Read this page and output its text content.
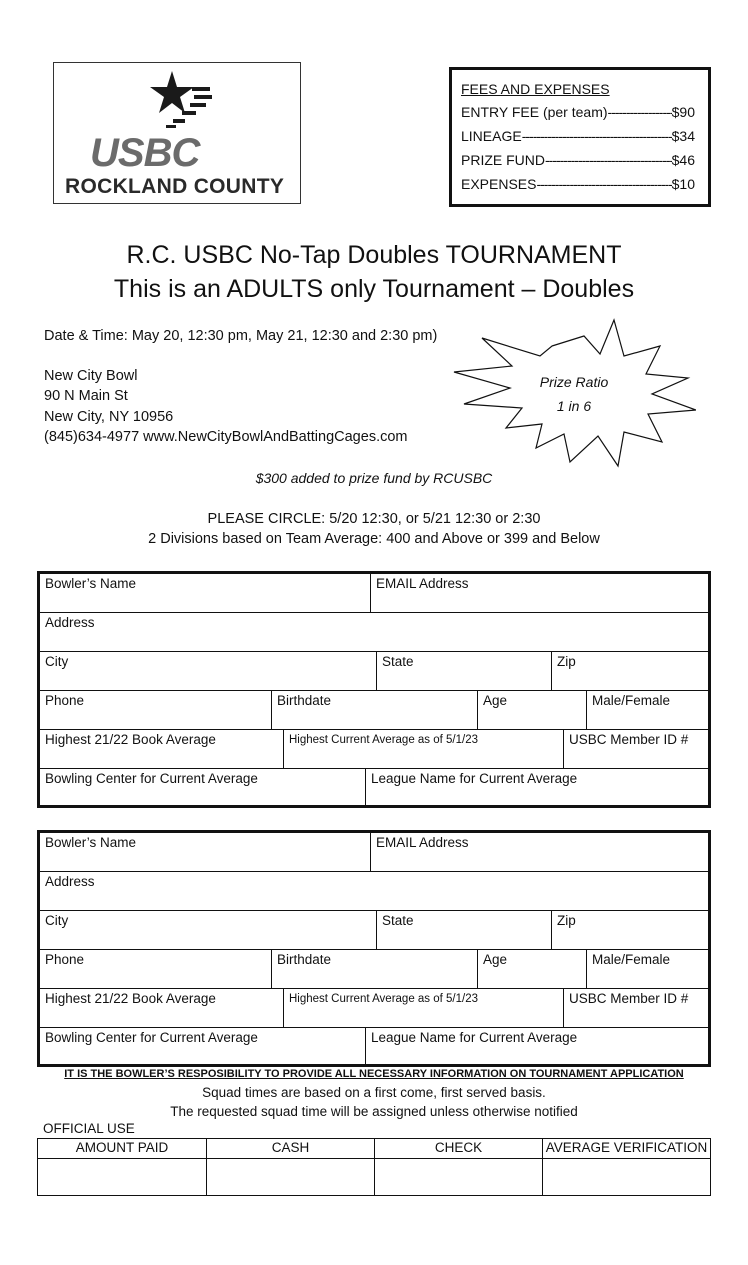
USBC
ROCKLAND COUNTY
FEES AND EXPENSES
ENTRY FEE (per team) -----	$90
LINEAGE -----	$34
PRIZE FUND -----	$46
EXPENSES -----	$10
R.C. USBC No-Tap Doubles TOURNAMENT
This is an ADULTS only Tournament – Doubles
Date & Time: May 20, 12:30 pm, May 21, 12:30 and 2:30 pm)
New City Bowl
90 N Main St
New City, NY 10956
(845)634-4977 www.NewCityBowlAndBattingCages.com
Prize Ratio
1 in 6
$300 added to prize fund by RCUSBC
PLEASE CIRCLE: 5/20 12:30, or 5/21 12:30 or 2:30
2 Divisions based on Team Average: 400 and Above or 399 and Below
Bowler’s Name	EMAIL Address
Address
City	State	Zip
Phone	Birthdate	Age	Male/Female
Highest 21/22 Book Average	Highest Current Average as of 5/1/23	USBC Member ID #
Bowling Center for Current Average	League Name for Current Average
Bowler’s Name	EMAIL Address
Address
City	State	Zip
Phone	Birthdate	Age	Male/Female
Highest 21/22 Book Average	Highest Current Average as of 5/1/23	USBC Member ID #
Bowling Center for Current Average	League Name for Current Average
IT IS THE BOWLER’S RESPOSIBILITY TO PROVIDE ALL NECESSARY INFORMATION ON TOURNAMENT APPLICATION
Squad times are based on a first come, first served basis.
The requested squad time will be assigned unless otherwise notified
OFFICIAL USE
AMOUNT PAID	CASH	CHECK	AVERAGE VERIFICATION
